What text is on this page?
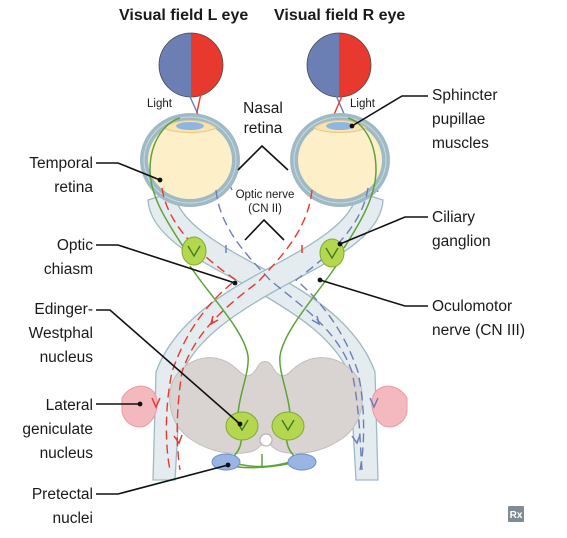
Visual field L eye Visual field R eye
Light	Light
Nasal
retina
Optic nerve
(CN II)
Sphincter
pupillae
muscles
Ciliary
ganglion
Oculomotor
nerve (CN III)
Temporal
retina
Optic
chiasm
Edinger-
Westphal
nucleus
Lateral
geniculate
nucleus
Pretectal
nuclei	Rx
